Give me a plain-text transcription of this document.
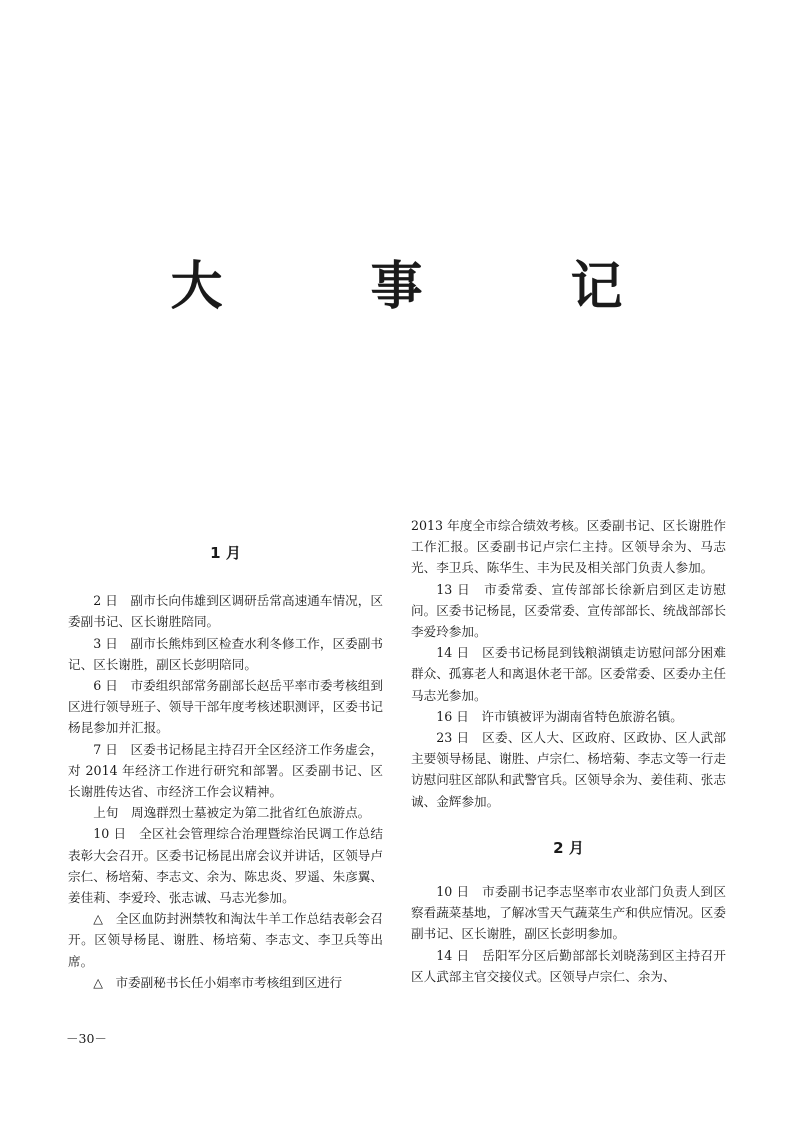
大　事　记
1 月

2 日　副市长向伟雄到区调研岳常高速通车情况，区委副书记、区长谢胜陪同。

3 日　副市长熊炜到区检查水利冬修工作，区委副书记、区长谢胜，副区长彭明陪同。

6 日　市委组织部常务副部长赵岳平率市委考核组到区进行领导班子、领导干部年度考核述职测评，区委书记杨昆参加并汇报。

7 日　区委书记杨昆主持召开全区经济工作务虚会，对 2014 年经济工作进行研究和部署。区委副书记、区长谢胜传达省、市经济工作会议精神。

上旬　周逸群烈士墓被定为第二批省红色旅游点。

10 日　全区社会管理综合治理暨综治民调工作总结表彰大会召开。区委书记杨昆出席会议并讲话，区领导卢宗仁、杨培菊、李志文、余为、陈忠炎、罗遥、朱彦翼、姜佳莉、李爱玲、张志诚、马志光参加。

△　全区血防封洲禁牧和淘汰牛羊工作总结表彰会召开。区领导杨昆、谢胜、杨培菊、李志文、李卫兵等出席。

△　市委副秘书长任小娟率市考核组到区进行

2013 年度全市综合绩效考核。区委副书记、区长谢胜作工作汇报。区委副书记卢宗仁主持。区领导余为、马志光、李卫兵、陈华生、丰为民及相关部门负责人参加。

13 日　市委常委、宣传部部长徐新启到区走访慰问。区委书记杨昆，区委常委、宣传部部长、统战部部长李爱玲参加。

14 日　区委书记杨昆到钱粮湖镇走访慰问部分困难群众、孤寡老人和离退休老干部。区委常委、区委办主任马志光参加。

16 日　许市镇被评为湖南省特色旅游名镇。

23 日　区委、区人大、区政府、区政协、区人武部主要领导杨昆、谢胜、卢宗仁、杨培菊、李志文等一行走访慰问驻区部队和武警官兵。区领导余为、姜佳莉、张志诚、金辉参加。

2 月

10 日　市委副书记李志坚率市农业部门负责人到区察看蔬菜基地，了解冰雪天气蔬菜生产和供应情况。区委副书记、区长谢胜，副区长彭明参加。

14 日　岳阳军分区后勤部部长刘晓荡到区主持召开区人武部主官交接仪式。区领导卢宗仁、余为、

－30－
